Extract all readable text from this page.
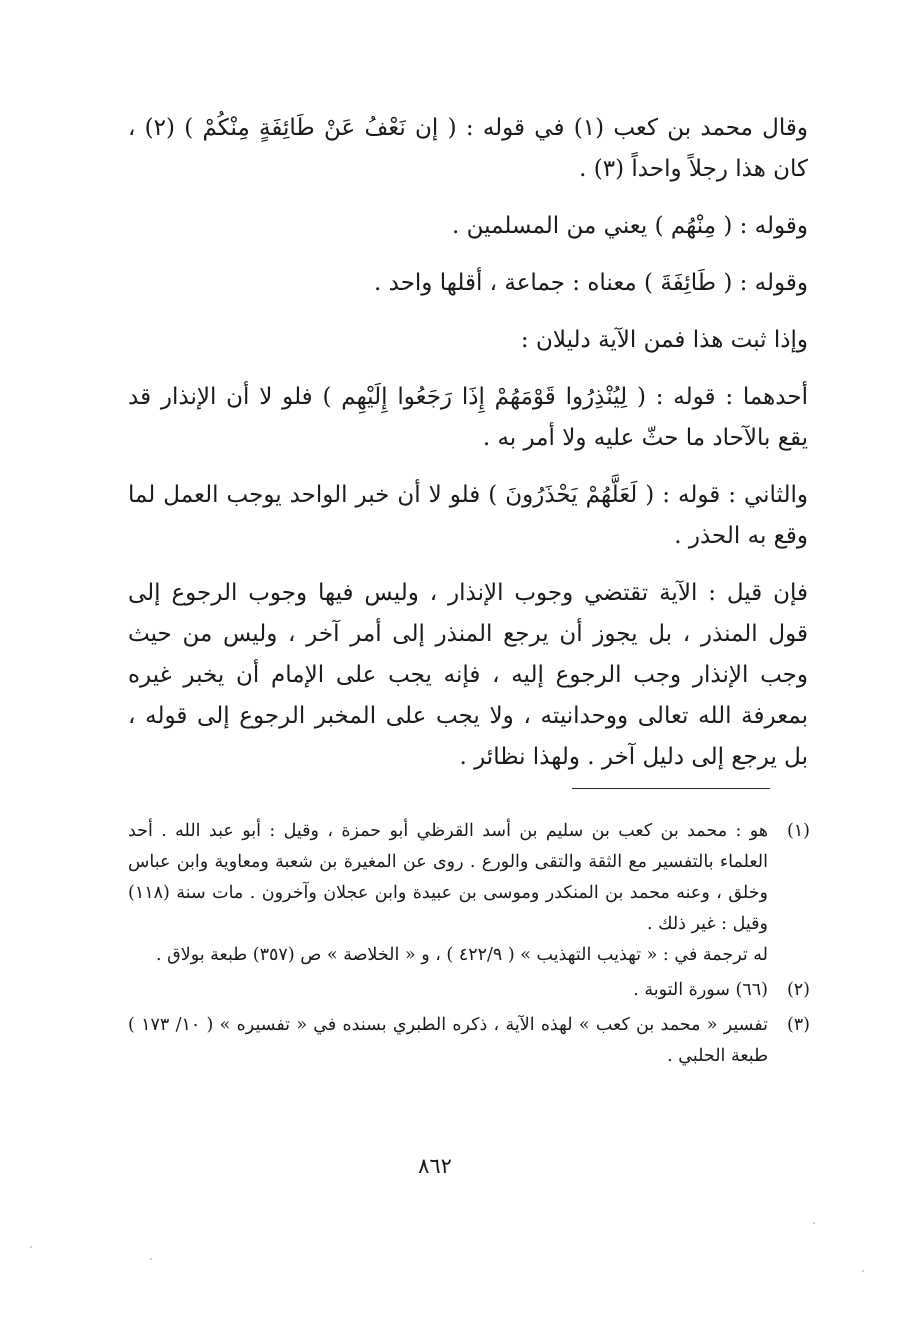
وقال محمد بن كعب (١) في قوله : ( إن نَعْفُ عَنْ طَائِفَةٍ مِنْكُمْ ) (٢) ، كان هذا رجلاً واحداً (٣) .

وقوله : ( مِنْهُم ) يعني من المسلمين .

وقوله : ( طَائِفَةَ ) معناه : جماعة ، أقلها واحد .

وإذا ثبت هذا فمن الآية دليلان :

أحدهما : قوله : ( لِيُنْذِرُوا قَوْمَهُمْ إِذَا رَجَعُوا إِلَيْهِم ) فلو لا أن الإنذار قد يقع بالآحاد ما حثّ عليه ولا أمر به .

والثاني : قوله : ( لَعَلَّهُمْ يَحْذَرُونَ ) فلو لا أن خبر الواحد يوجب العمل لما وقع به الحذر .

فإن قيل : الآية تقتضي وجوب الإنذار ، وليس فيها وجوب الرجوع إلى قول المنذر ، بل يجوز أن يرجع المنذر إلى أمر آخر ، وليس من حيث وجب الإنذار وجب الرجوع إليه ، فإنه يجب على الإمام أن يخبر غيره بمعرفة الله تعالى ووحدانيته ، ولا يجب على المخبر الرجوع إلى قوله ، بل يرجع إلى دليل آخر . ولهذا نظائر .

(١)

هو : محمد بن كعب بن سليم بن أسد القرظي أبو حمزة ، وقيل : أبو عبد الله . أحد العلماء بالتفسير مع الثقة والتقى والورع . روى عن المغيرة بن شعبة ومعاوية وابن عباس وخلق ، وعنه محمد بن المنكدر وموسى بن عبيدة وابن عجلان وآخرون . مات سنة (١١٨) وقيل : غير ذلك .

له ترجمة في : « تهذيب التهذيب » ( ٤٢٢/٩ ) ، و « الخلاصة » ص (٣٥٧) طبعة بولاق .

(٢)

(٦٦) سورة التوبة .

(٣)

تفسير « محمد بن كعب » لهذه الآية ، ذكره الطبري بسنده في « تفسيره » ( ١٠/ ١٧٣ ) طبعة الحلبي .

٨٦٢
